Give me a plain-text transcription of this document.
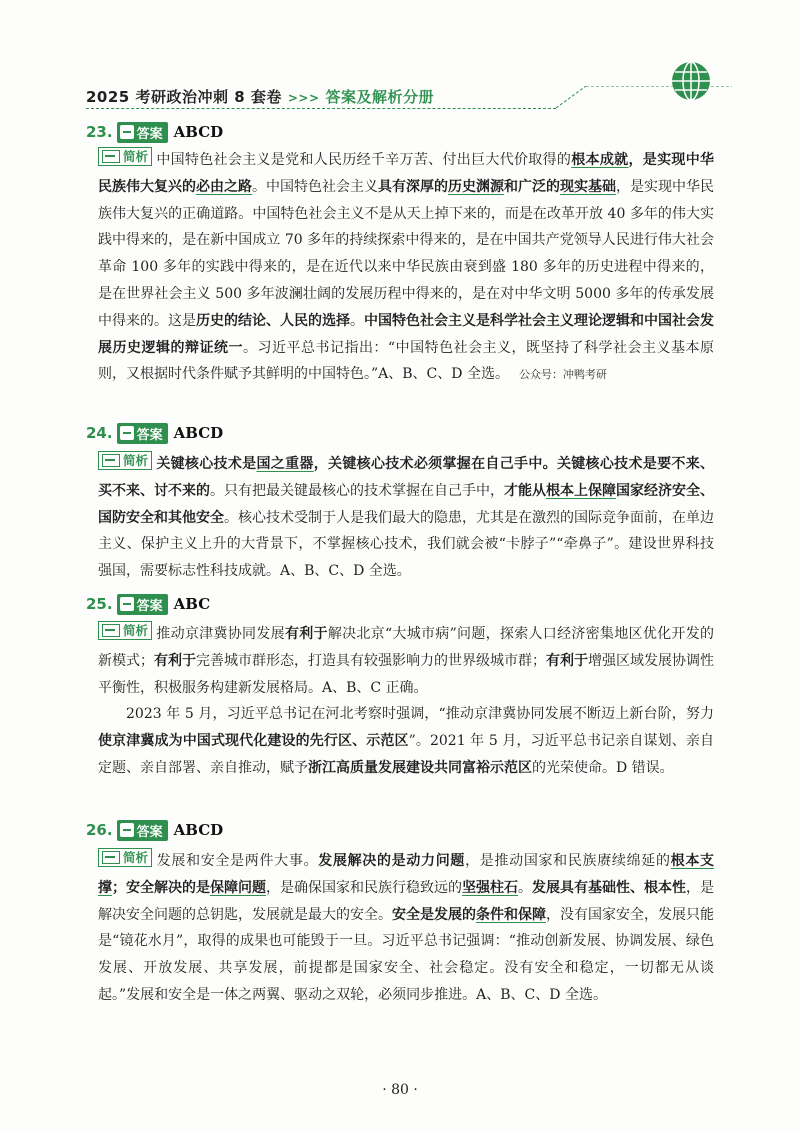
2025 考研政治冲刺 8 套卷 >>> 答案及解析分册
23. 答案 ABCD
简析 中国特色社会主义是党和人民历经千辛万苦、付出巨大代价取得的根本成就，是实现中华民族伟大复兴的必由之路。中国特色社会主义具有深厚的历史渊源和广泛的现实基础，是实现中华民族伟大复兴的正确道路。中国特色社会主义不是从天上掉下来的，而是在改革开放 40 多年的伟大实践中得来的，是在新中国成立 70 多年的持续探索中得来的，是在中国共产党领导人民进行伟大社会革命 100 多年的实践中得来的，是在近代以来中华民族由衰到盛 180 多年的历史进程中得来的，是在世界社会主义 500 多年波澜壮阔的发展历程中得来的，是在对中华文明 5000 多年的传承发展中得来的。这是历史的结论、人民的选择。中国特色社会主义是科学社会主义理论逻辑和中国社会发展历史逻辑的辩证统一。习近平总书记指出：“中国特色社会主义，既坚持了科学社会主义基本原则，又根据时代条件赋予其鲜明的中国特色。”A、B、C、D 全选。 公众号：冲鸭考研
24. 答案 ABCD
简析 关键核心技术是国之重器，关键核心技术必须掌握在自己手中。关键核心技术是要不来、买不来、讨不来的。只有把最关键最核心的技术掌握在自己手中，才能从根本上保障国家经济安全、国防安全和其他安全。核心技术受制于人是我们最大的隐患，尤其是在激烈的国际竞争面前，在单边主义、保护主义上升的大背景下，不掌握核心技术，我们就会被“卡脖子”“牵鼻子”。建设世界科技强国，需要标志性科技成就。A、B、C、D 全选。
25. 答案 ABC
简析 推动京津冀协同发展有利于解决北京“大城市病”问题，探索人口经济密集地区优化开发的新模式；有利于完善城市群形态，打造具有较强影响力的世界级城市群；有利于增强区域发展协调性平衡性，积极服务构建新发展格局。A、B、C 正确。
2023 年 5 月，习近平总书记在河北考察时强调，“推动京津冀协同发展不断迈上新台阶，努力使京津冀成为中国式现代化建设的先行区、示范区”。2021 年 5 月，习近平总书记亲自谋划、亲自定题、亲自部署、亲自推动，赋予浙江高质量发展建设共同富裕示范区的光荣使命。D 错误。
26. 答案 ABCD
简析 发展和安全是两件大事。发展解决的是动力问题，是推动国家和民族赓续绵延的根本支撑；安全解决的是保障问题，是确保国家和民族行稳致远的坚强柱石。发展具有基础性、根本性，是解决安全问题的总钥匙，发展就是最大的安全。安全是发展的条件和保障，没有国家安全，发展只能是“镜花水月”，取得的成果也可能毁于一旦。习近平总书记强调：“推动创新发展、协调发展、绿色发展、开放发展、共享发展，前提都是国家安全、社会稳定。没有安全和稳定，一切都无从谈起。”发展和安全是一体之两翼、驱动之双轮，必须同步推进。A、B、C、D 全选。
· 80 ·
